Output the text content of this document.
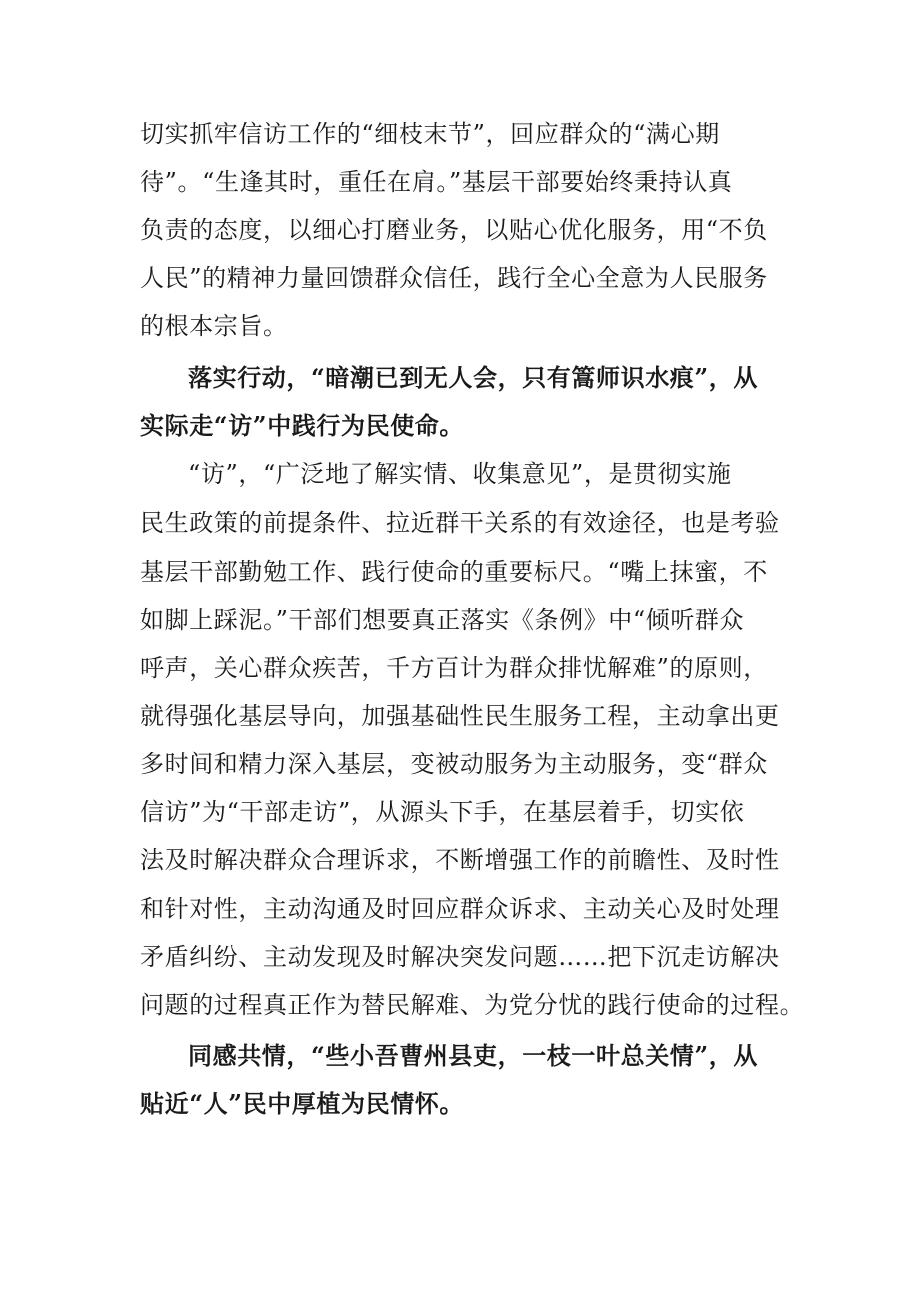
切实抓牢信访工作的“细枝末节”，回应群众的“满心期
待”。“生逢其时，重任在肩。”基层干部要始终秉持认真
负责的态度，以细心打磨业务，以贴心优化服务，用“不负
人民”的精神力量回馈群众信任，践行全心全意为人民服务
的根本宗旨。
落实行动，“暗潮已到无人会，只有篙师识水痕”，从
实际走“访”中践行为民使命。
“访”，“广泛地了解实情、收集意见”，是贯彻实施
民生政策的前提条件、拉近群干关系的有效途径，也是考验
基层干部勤勉工作、践行使命的重要标尺。“嘴上抹蜜，不
如脚上踩泥。”干部们想要真正落实《条例》中“倾听群众
呼声，关心群众疾苦，千方百计为群众排忧解难”的原则，
就得强化基层导向，加强基础性民生服务工程，主动拿出更
多时间和精力深入基层，变被动服务为主动服务，变“群众
信访”为“干部走访”，从源头下手，在基层着手，切实依
法及时解决群众合理诉求，不断增强工作的前瞻性、及时性
和针对性，主动沟通及时回应群众诉求、主动关心及时处理
矛盾纠纷、主动发现及时解决突发问题……把下沉走访解决
问题的过程真正作为替民解难、为党分忧的践行使命的过程。
同感共情，“些小吾曹州县吏，一枝一叶总关情”，从
贴近“人”民中厚植为民情怀。
